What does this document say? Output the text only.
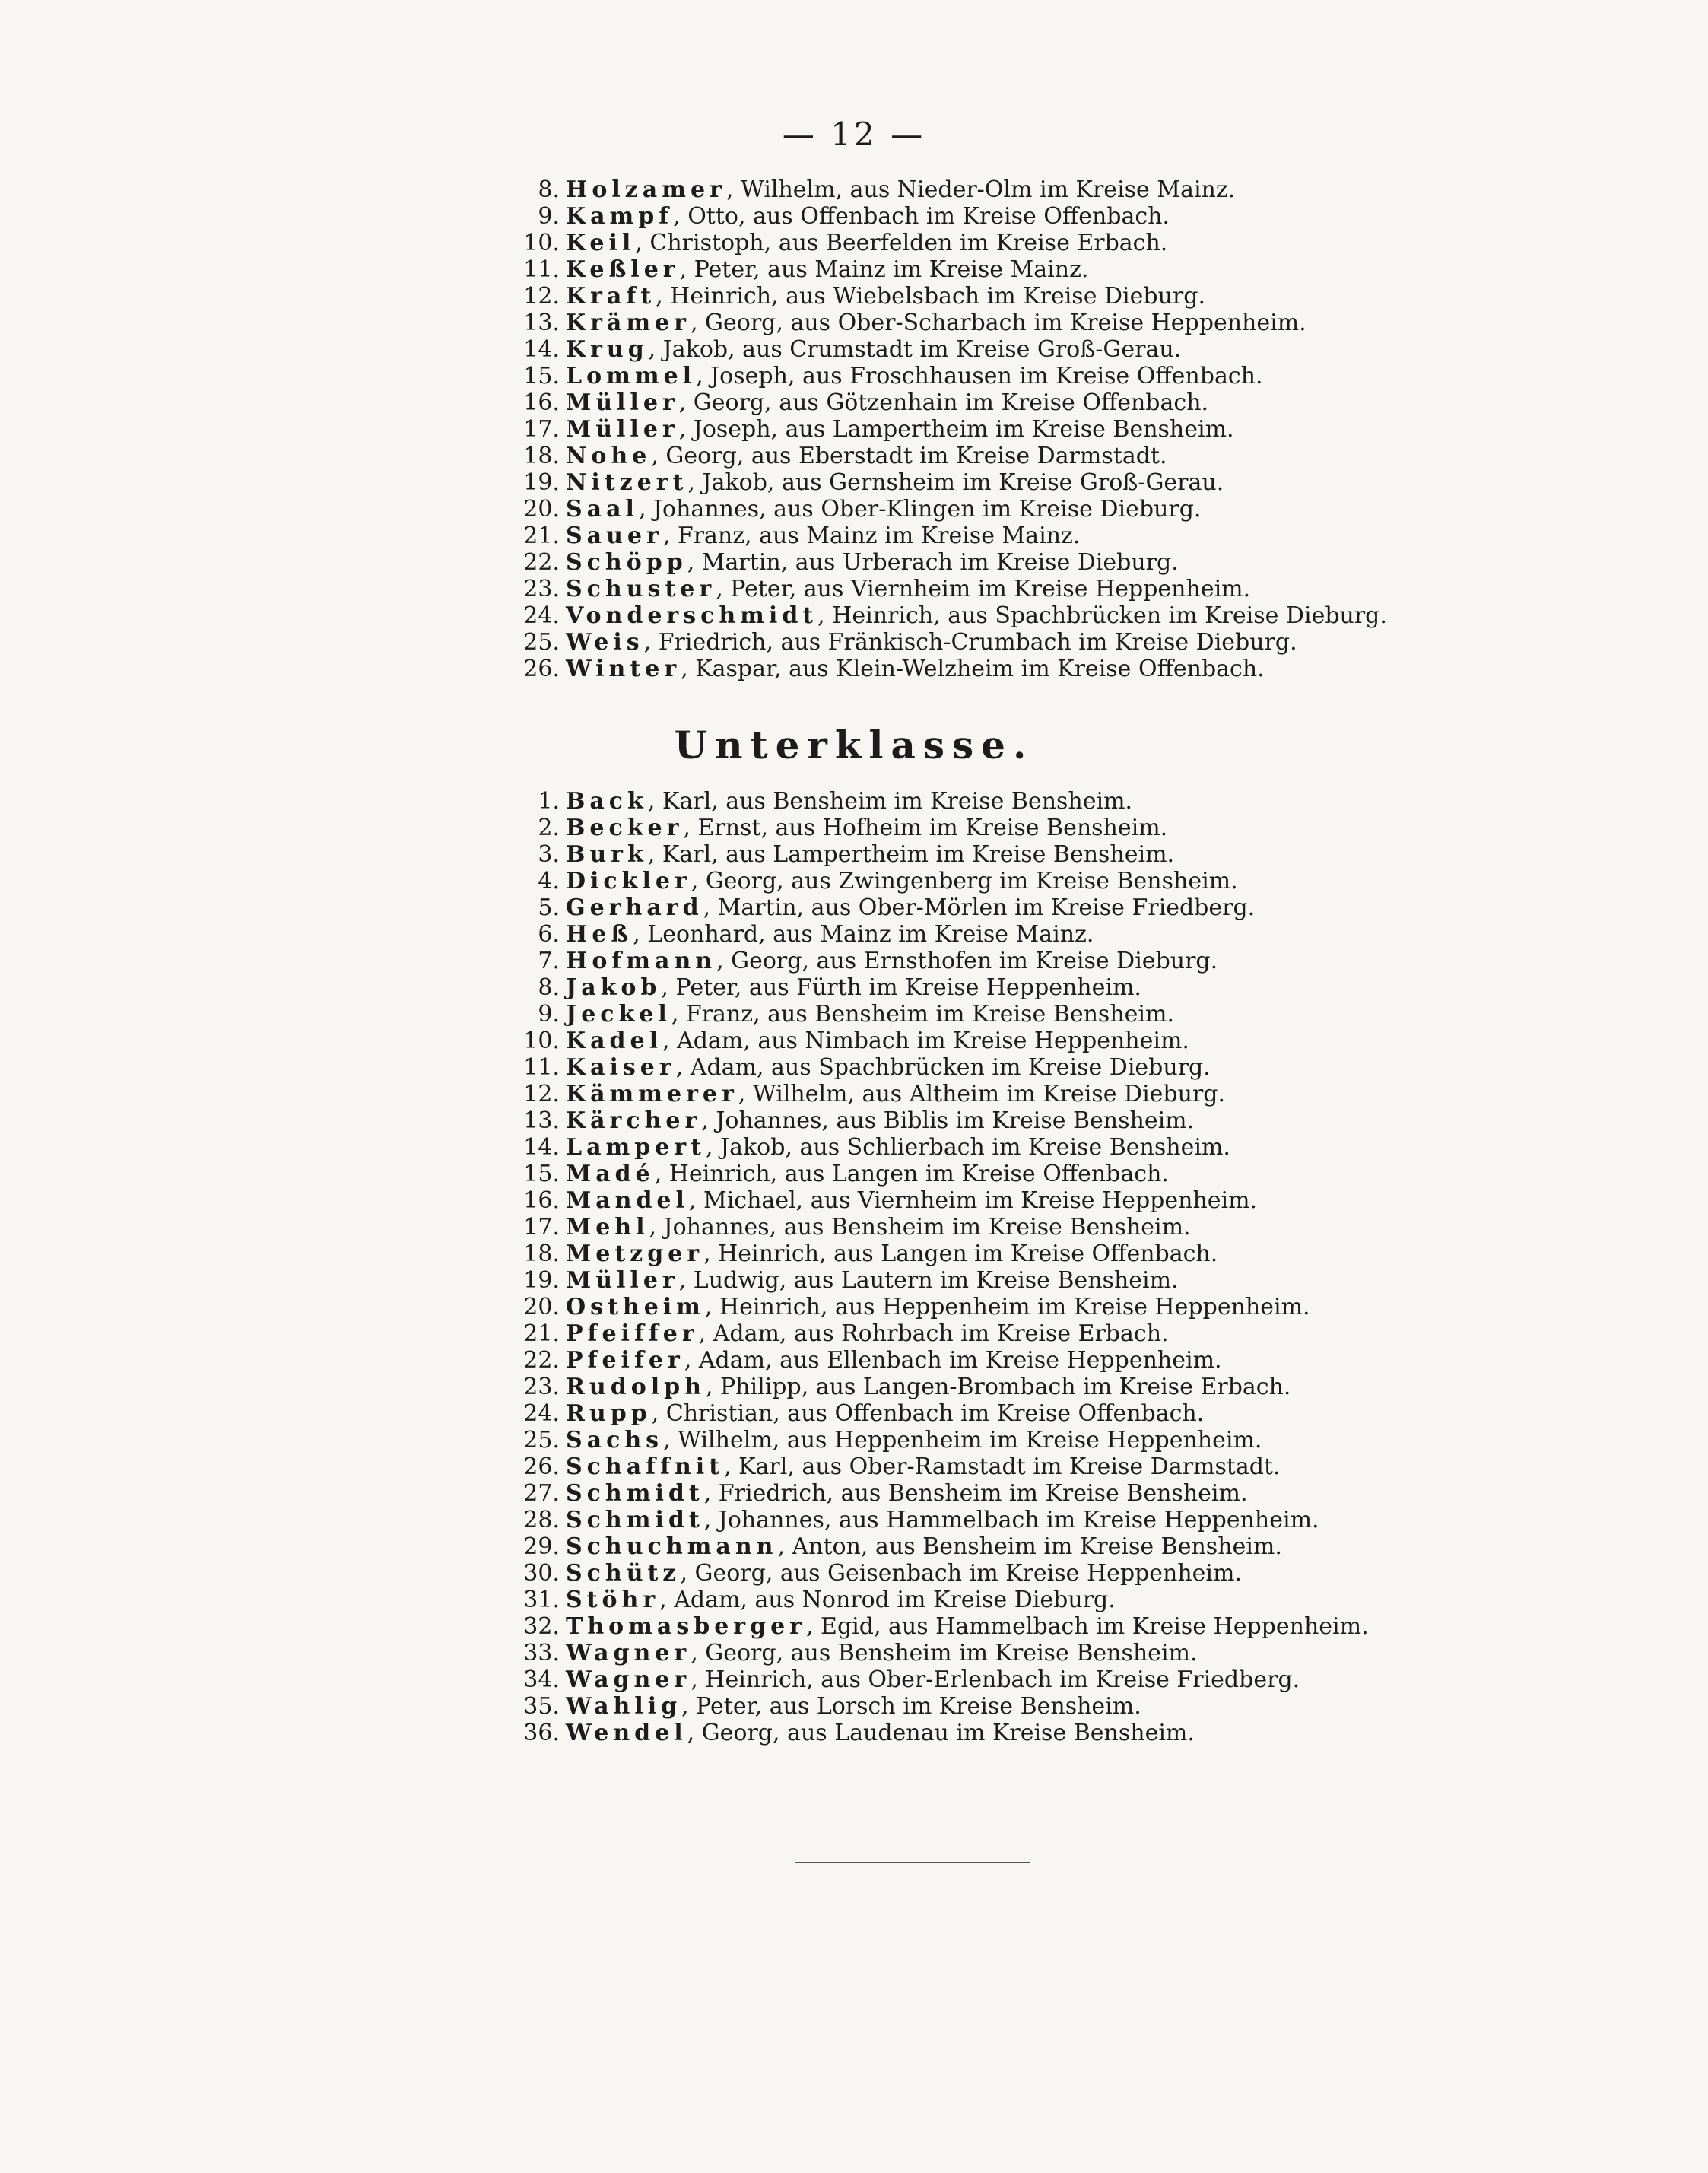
— 12 —
8. Holzamer, Wilhelm, aus Nieder-Olm im Kreise Mainz.
9. Kampf, Otto, aus Offenbach im Kreise Offenbach.
10. Keil, Christoph, aus Beerfelden im Kreise Erbach.
11. Keßler, Peter, aus Mainz im Kreise Mainz.
12. Kraft, Heinrich, aus Wiebelsbach im Kreise Dieburg.
13. Krämer, Georg, aus Ober-Scharbach im Kreise Heppenheim.
14. Krug, Jakob, aus Crumstadt im Kreise Groß-Gerau.
15. Lommel, Joseph, aus Froschhausen im Kreise Offenbach.
16. Müller, Georg, aus Götzenhain im Kreise Offenbach.
17. Müller, Joseph, aus Lampertheim im Kreise Bensheim.
18. Nohe, Georg, aus Eberstadt im Kreise Darmstadt.
19. Nitzert, Jakob, aus Gernsheim im Kreise Groß-Gerau.
20. Saal, Johannes, aus Ober-Klingen im Kreise Dieburg.
21. Sauer, Franz, aus Mainz im Kreise Mainz.
22. Schöpp, Martin, aus Urberach im Kreise Dieburg.
23. Schuster, Peter, aus Viernheim im Kreise Heppenheim.
24. Vonderschmidt, Heinrich, aus Spachbrücken im Kreise Dieburg.
25. Weis, Friedrich, aus Fränkisch-Crumbach im Kreise Dieburg.
26. Winter, Kaspar, aus Klein-Welzheim im Kreise Offenbach.
Unterklasse.
1. Back, Karl, aus Bensheim im Kreise Bensheim.
2. Becker, Ernst, aus Hofheim im Kreise Bensheim.
3. Burk, Karl, aus Lampertheim im Kreise Bensheim.
4. Dickler, Georg, aus Zwingenberg im Kreise Bensheim.
5. Gerhard, Martin, aus Ober-Mörlen im Kreise Friedberg.
6. Heß, Leonhard, aus Mainz im Kreise Mainz.
7. Hofmann, Georg, aus Ernsthofen im Kreise Dieburg.
8. Jakob, Peter, aus Fürth im Kreise Heppenheim.
9. Jeckel, Franz, aus Bensheim im Kreise Bensheim.
10. Kadel, Adam, aus Nimbach im Kreise Heppenheim.
11. Kaiser, Adam, aus Spachbrücken im Kreise Dieburg.
12. Kämmerer, Wilhelm, aus Altheim im Kreise Dieburg.
13. Kärcher, Johannes, aus Biblis im Kreise Bensheim.
14. Lampert, Jakob, aus Schlierbach im Kreise Bensheim.
15. Madé, Heinrich, aus Langen im Kreise Offenbach.
16. Mandel, Michael, aus Viernheim im Kreise Heppenheim.
17. Mehl, Johannes, aus Bensheim im Kreise Bensheim.
18. Metzger, Heinrich, aus Langen im Kreise Offenbach.
19. Müller, Ludwig, aus Lautern im Kreise Bensheim.
20. Ostheim, Heinrich, aus Heppenheim im Kreise Heppenheim.
21. Pfeiffer, Adam, aus Rohrbach im Kreise Erbach.
22. Pfeifer, Adam, aus Ellenbach im Kreise Heppenheim.
23. Rudolph, Philipp, aus Langen-Brombach im Kreise Erbach.
24. Rupp, Christian, aus Offenbach im Kreise Offenbach.
25. Sachs, Wilhelm, aus Heppenheim im Kreise Heppenheim.
26. Schaffnit, Karl, aus Ober-Ramstadt im Kreise Darmstadt.
27. Schmidt, Friedrich, aus Bensheim im Kreise Bensheim.
28. Schmidt, Johannes, aus Hammelbach im Kreise Heppenheim.
29. Schuchmann, Anton, aus Bensheim im Kreise Bensheim.
30. Schütz, Georg, aus Geisenbach im Kreise Heppenheim.
31. Stöhr, Adam, aus Nonrod im Kreise Dieburg.
32. Thomasberger, Egid, aus Hammelbach im Kreise Heppenheim.
33. Wagner, Georg, aus Bensheim im Kreise Bensheim.
34. Wagner, Heinrich, aus Ober-Erlenbach im Kreise Friedberg.
35. Wahlig, Peter, aus Lorsch im Kreise Bensheim.
36. Wendel, Georg, aus Laudenau im Kreise Bensheim.
